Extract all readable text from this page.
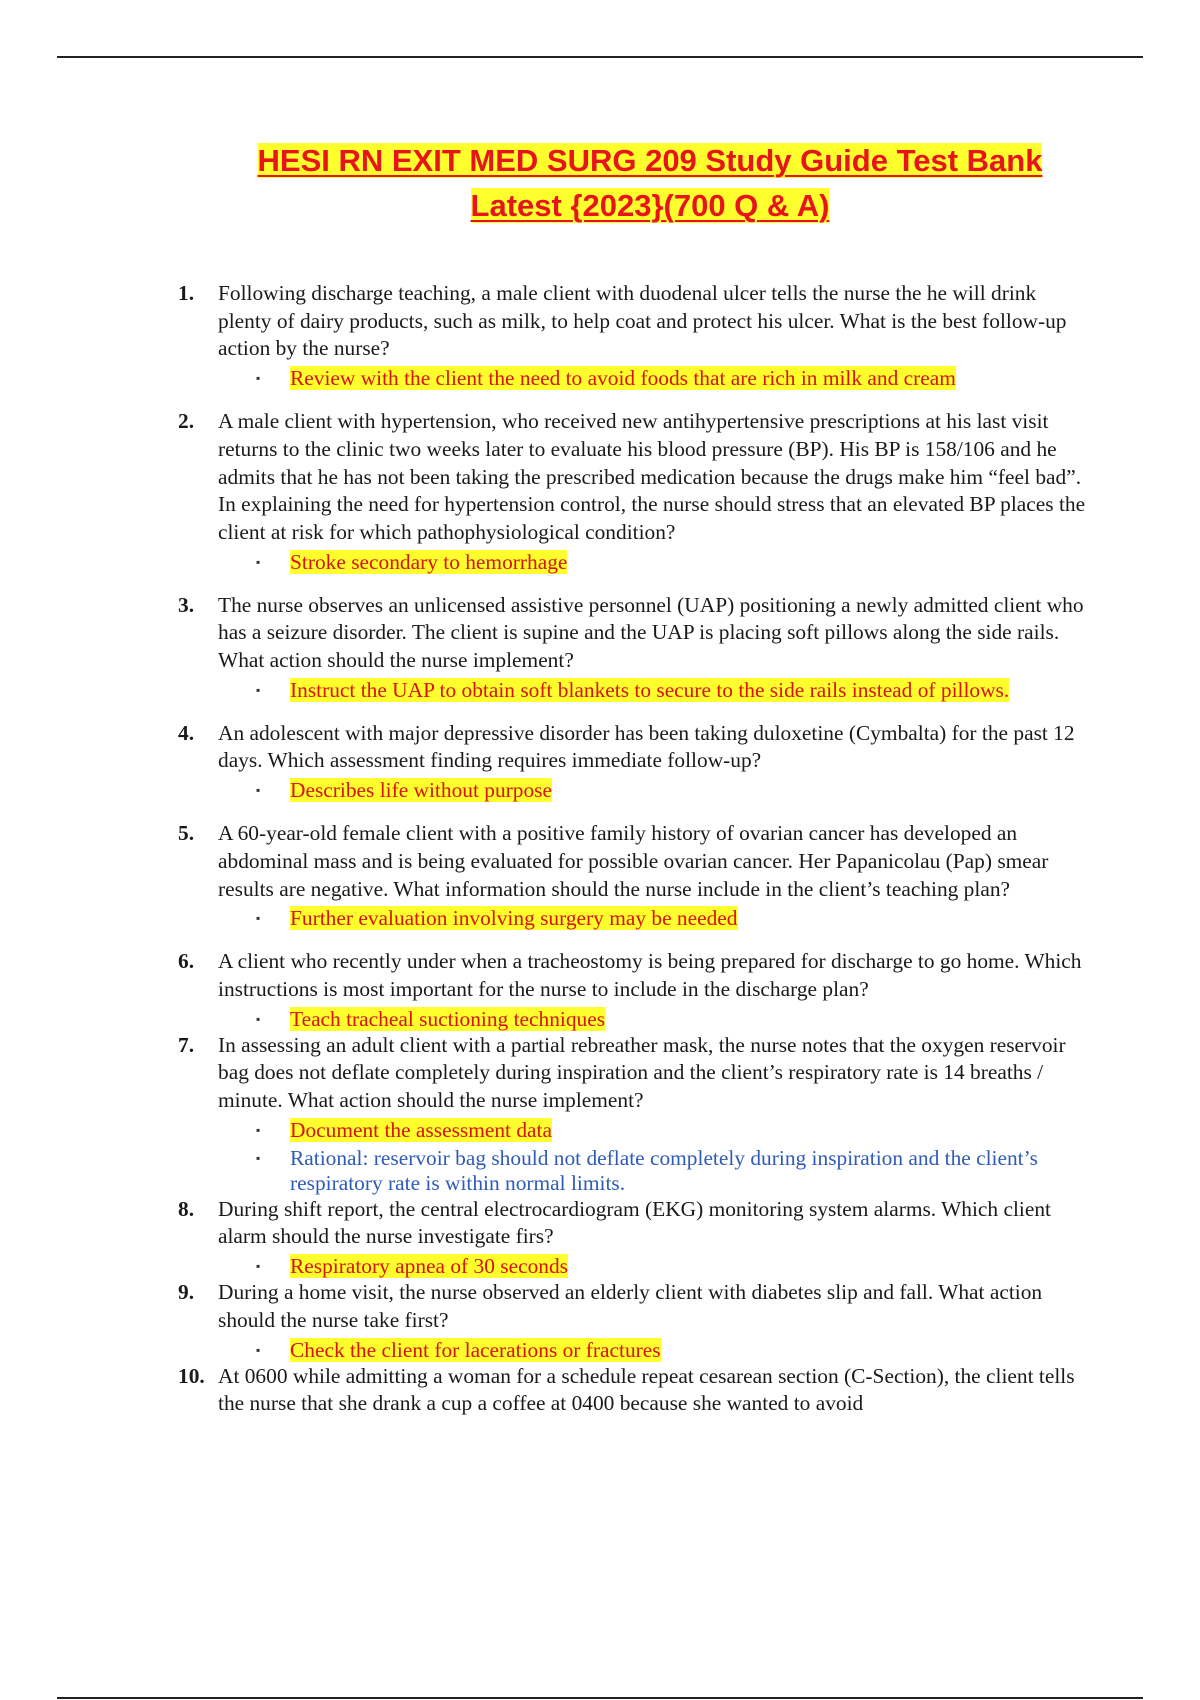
HESI RN EXIT MED SURG 209 Study Guide Test Bank
Latest {2023}(700 Q & A)
1. Following discharge teaching, a male client with duodenal ulcer tells the nurse the he will drink plenty of dairy products, such as milk, to help coat and protect his ulcer. What is the best follow-up action by the nurse?
▪ Review with the client the need to avoid foods that are rich in milk and cream
2. A male client with hypertension, who received new antihypertensive prescriptions at his last visit returns to the clinic two weeks later to evaluate his blood pressure (BP). His BP is 158/106 and he admits that he has not been taking the prescribed medication because the drugs make him “feel bad”. In explaining the need for hypertension control, the nurse should stress that an elevated BP places the client at risk for which pathophysiological condition?
▪ Stroke secondary to hemorrhage
3. The nurse observes an unlicensed assistive personnel (UAP) positioning a newly admitted client who has a seizure disorder. The client is supine and the UAP is placing soft pillows along the side rails. What action should the nurse implement?
▪ Instruct the UAP to obtain soft blankets to secure to the side rails instead of pillows.
4. An adolescent with major depressive disorder has been taking duloxetine (Cymbalta) for the past 12 days. Which assessment finding requires immediate follow-up?
▪ Describes life without purpose
5. A 60-year-old female client with a positive family history of ovarian cancer has developed an abdominal mass and is being evaluated for possible ovarian cancer. Her Papanicolau (Pap) smear results are negative. What information should the nurse include in the client’s teaching plan?
▪ Further evaluation involving surgery may be needed
6. A client who recently under when a tracheostomy is being prepared for discharge to go home. Which instructions is most important for the nurse to include in the discharge plan?
▪ Teach tracheal suctioning techniques
7. In assessing an adult client with a partial rebreather mask, the nurse notes that the oxygen reservoir bag does not deflate completely during inspiration and the client’s respiratory rate is 14 breaths / minute. What action should the nurse implement?
▪ Document the assessment data
▪ Rational: reservoir bag should not deflate completely during inspiration and the client’s respiratory rate is within normal limits.
8. During shift report, the central electrocardiogram (EKG) monitoring system alarms. Which client alarm should the nurse investigate firs?
▪ Respiratory apnea of 30 seconds
9. During a home visit, the nurse observed an elderly client with diabetes slip and fall. What action should the nurse take first?
▪ Check the client for lacerations or fractures
10. At 0600 while admitting a woman for a schedule repeat cesarean section (C-Section), the client tells the nurse that she drank a cup a coffee at 0400 because she wanted to avoid
